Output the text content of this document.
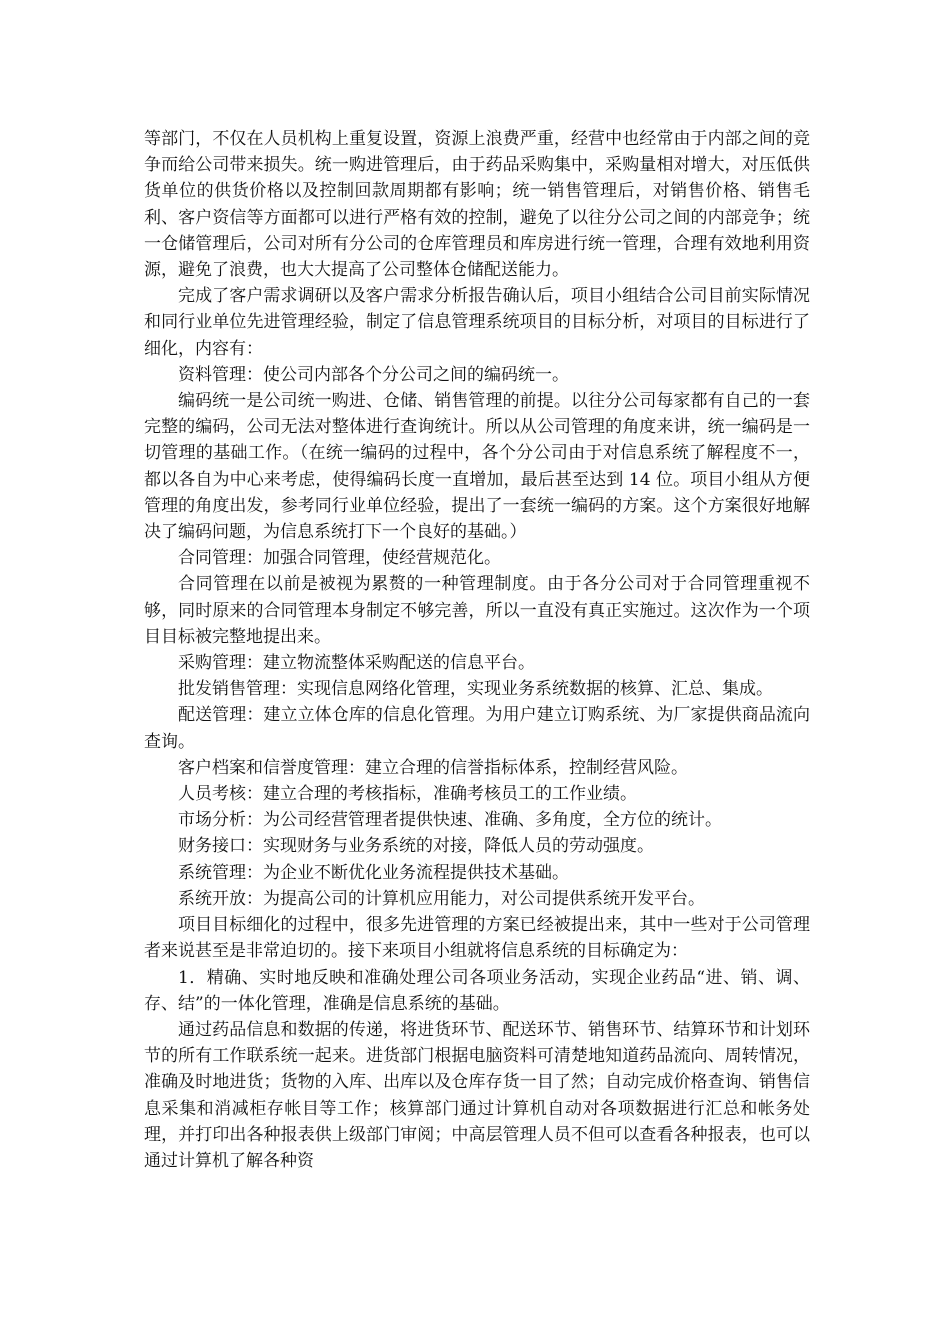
等部门，不仅在人员机构上重复设置，资源上浪费严重，经营中也经常由于内部之间的竞争而给公司带来损失。统一购进管理后，由于药品采购集中，采购量相对增大，对压低供货单位的供货价格以及控制回款周期都有影响；统一销售管理后，对销售价格、销售毛利、客户资信等方面都可以进行严格有效的控制，避免了以往分公司之间的内部竞争；统一仓储管理后，公司对所有分公司的仓库管理员和库房进行统一管理，合理有效地利用资源，避免了浪费，也大大提高了公司整体仓储配送能力。

完成了客户需求调研以及客户需求分析报告确认后，项目小组结合公司目前实际情况和同行业单位先进管理经验，制定了信息管理系统项目的目标分析，对项目的目标进行了细化，内容有：

资料管理：使公司内部各个分公司之间的编码统一。

编码统一是公司统一购进、仓储、销售管理的前提。以往分公司每家都有自己的一套完整的编码，公司无法对整体进行查询统计。所以从公司管理的角度来讲，统一编码是一切管理的基础工作。（在统一编码的过程中，各个分公司由于对信息系统了解程度不一，都以各自为中心来考虑，使得编码长度一直增加，最后甚至达到 14 位。项目小组从方便管理的角度出发，参考同行业单位经验，提出了一套统一编码的方案。这个方案很好地解决了编码问题，为信息系统打下一个良好的基础。）

合同管理：加强合同管理，使经营规范化。

合同管理在以前是被视为累赘的一种管理制度。由于各分公司对于合同管理重视不够，同时原来的合同管理本身制定不够完善，所以一直没有真正实施过。这次作为一个项目目标被完整地提出来。

采购管理：建立物流整体采购配送的信息平台。

批发销售管理：实现信息网络化管理，实现业务系统数据的核算、汇总、集成。

配送管理：建立立体仓库的信息化管理。为用户建立订购系统、为厂家提供商品流向查询。

客户档案和信誉度管理：建立合理的信誉指标体系，控制经营风险。

人员考核：建立合理的考核指标，准确考核员工的工作业绩。

市场分析：为公司经营管理者提供快速、准确、多角度，全方位的统计。

财务接口：实现财务与业务系统的对接，降低人员的劳动强度。

系统管理：为企业不断优化业务流程提供技术基础。

系统开放：为提高公司的计算机应用能力，对公司提供系统开发平台。

项目目标细化的过程中，很多先进管理的方案已经被提出来，其中一些对于公司管理者来说甚至是非常迫切的。接下来项目小组就将信息系统的目标确定为：

1．精确、实时地反映和准确处理公司各项业务活动，实现企业药品“进、销、调、存、结”的一体化管理，准确是信息系统的基础。

通过药品信息和数据的传递，将进货环节、配送环节、销售环节、结算环节和计划环节的所有工作联系统一起来。进货部门根据电脑资料可清楚地知道药品流向、周转情况，准确及时地进货；货物的入库、出库以及仓库存货一目了然；自动完成价格查询、销售信息采集和消减柜存帐目等工作；核算部门通过计算机自动对各项数据进行汇总和帐务处理，并打印出各种报表供上级部门审阅；中高层管理人员不但可以查看各种报表，也可以通过计算机了解各种资
